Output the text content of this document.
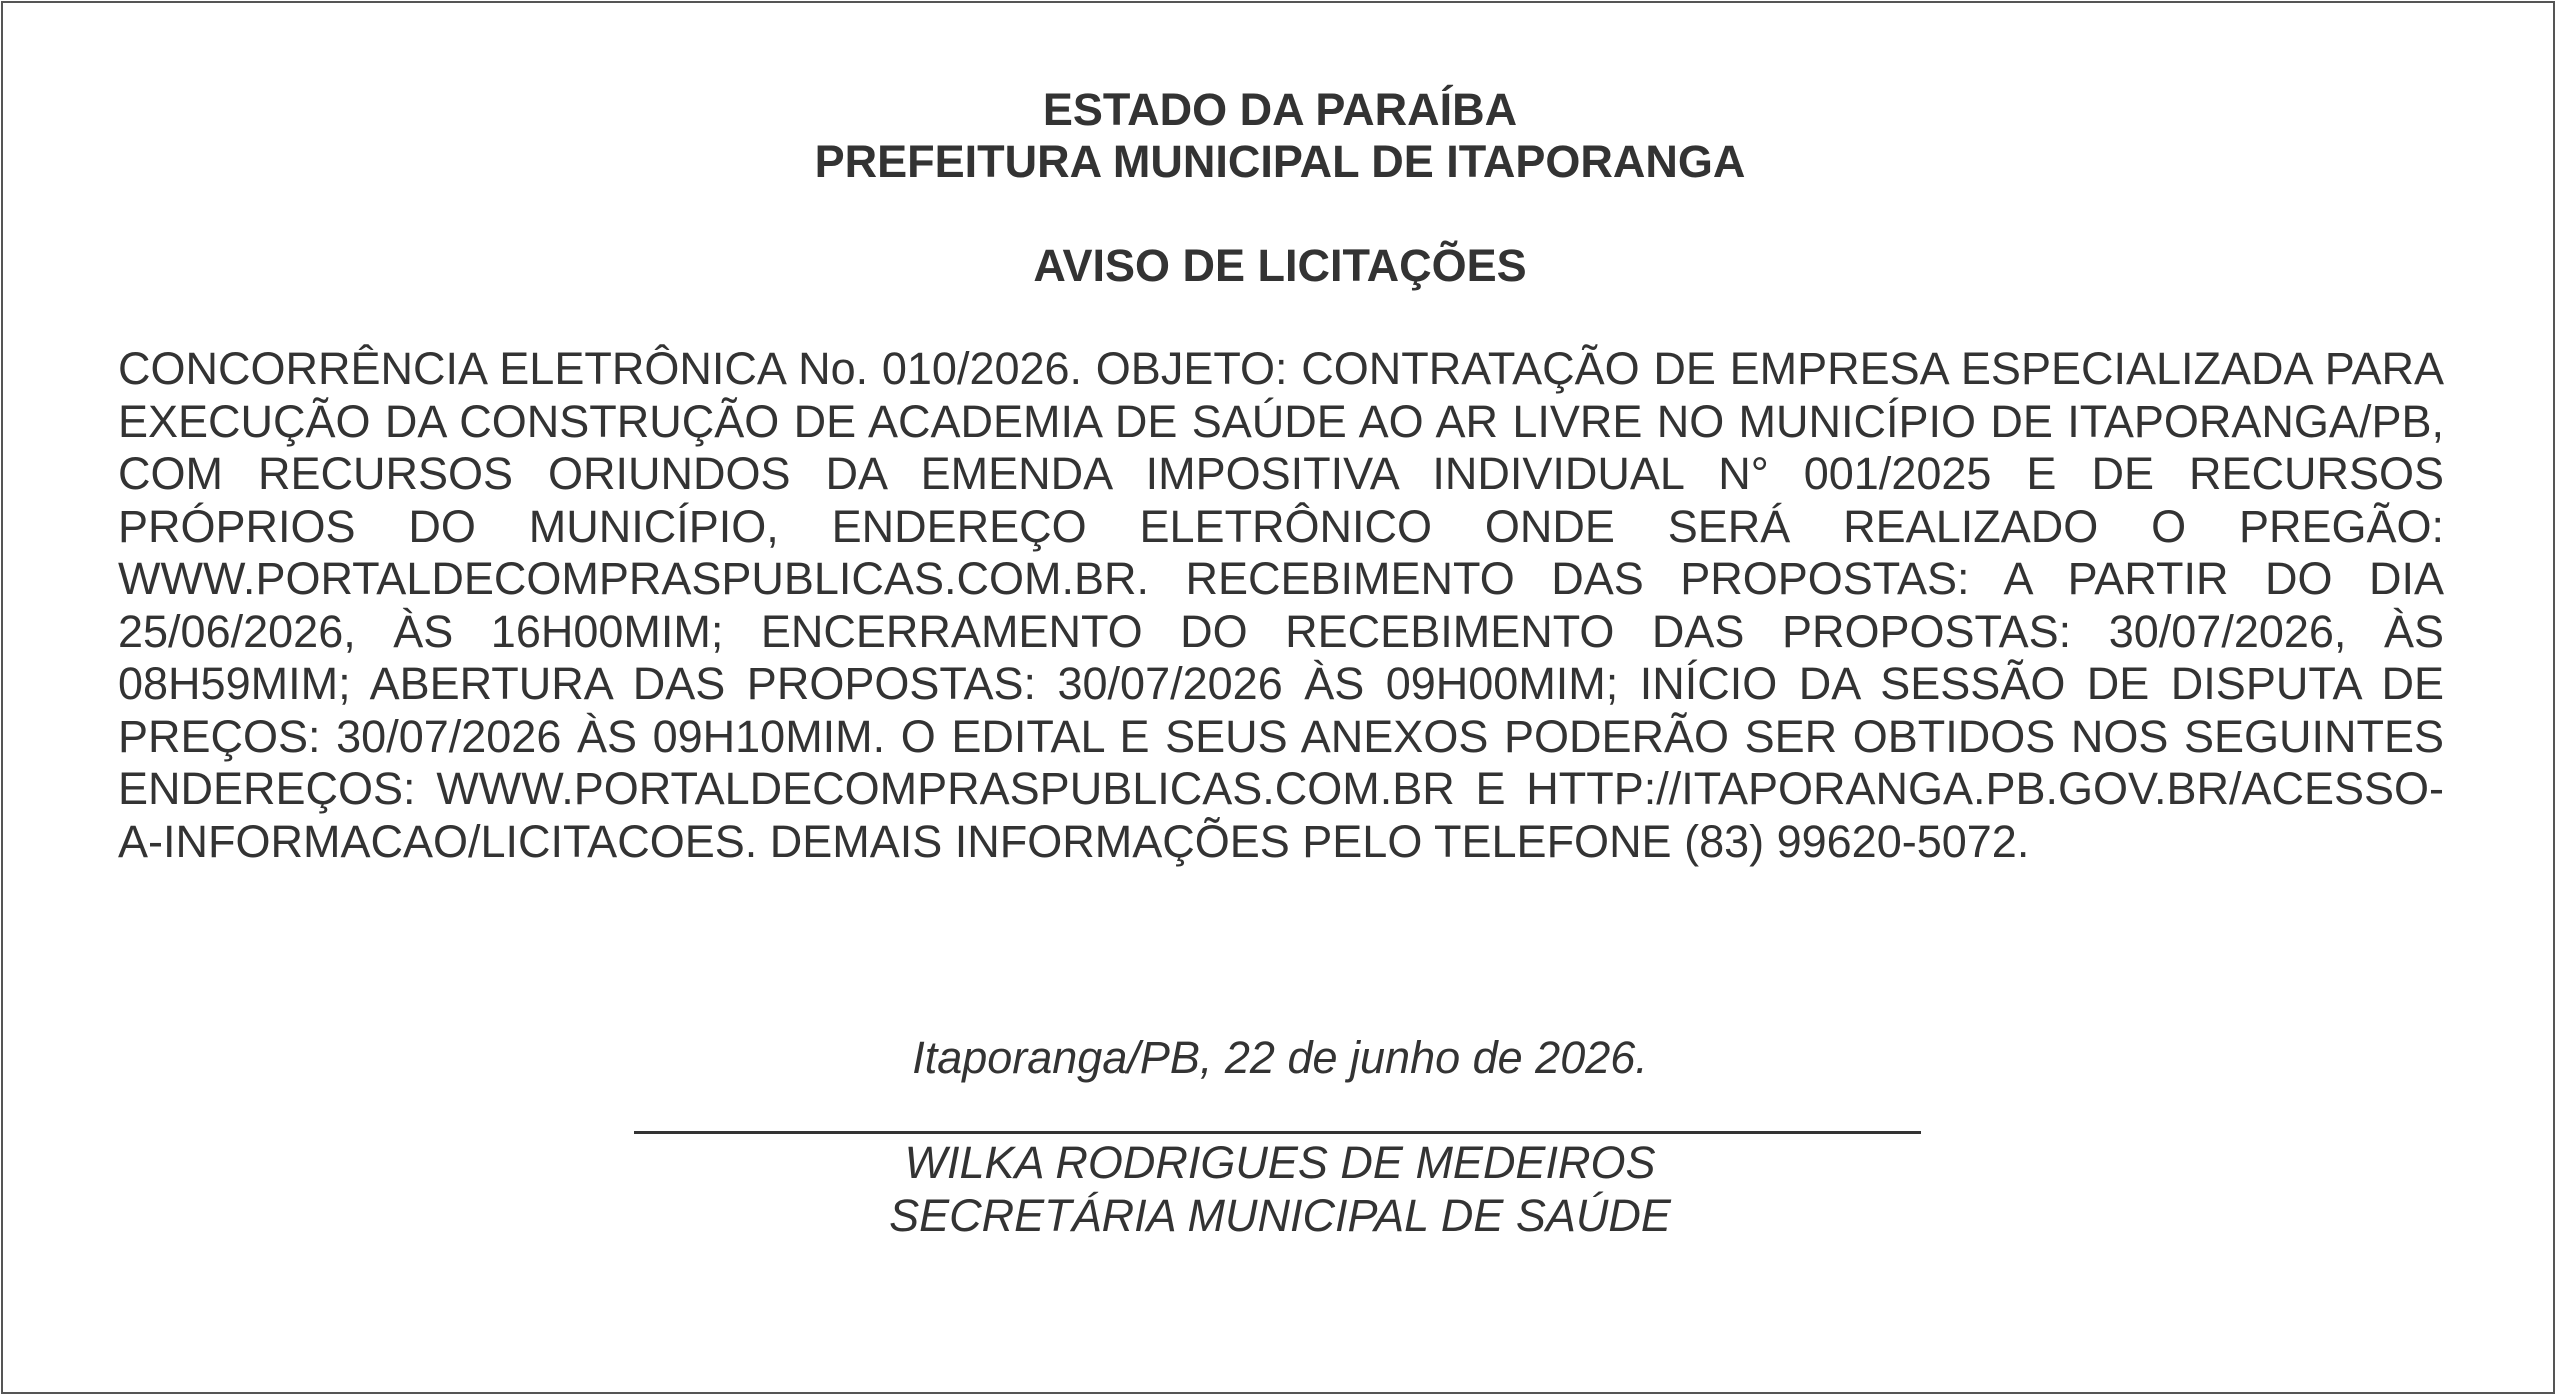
ESTADO DA PARAÍBA
PREFEITURA MUNICIPAL DE ITAPORANGA
AVISO DE LICITAÇÕES
CONCORRÊNCIA ELETRÔNICA No. 010/2026. OBJETO: CONTRATAÇÃO DE EMPRESA ESPECIALIZADA PARA EXECUÇÃO DA CONSTRUÇÃO DE ACADEMIA DE SAÚDE AO AR LIVRE NO MUNICÍPIO DE ITAPORANGA/PB, COM RECURSOS ORIUNDOS DA EMENDA IMPOSITIVA INDIVIDUAL N° 001/2025 E DE RECURSOS PRÓPRIOS DO MUNICÍPIO, ENDEREÇO ELETRÔNICO ONDE SERÁ REALIZADO O PREGÃO: WWW.PORTALDECOMPRASPUBLICAS.COM.BR. RECEBIMENTO DAS PROPOSTAS: A PARTIR DO DIA 25/06/2026, ÀS 16H00MIM; ENCERRAMENTO DO RECEBIMENTO DAS PROPOSTAS: 30/07/2026, ÀS 08H59MIM; ABERTURA DAS PROPOSTAS: 30/07/2026 ÀS 09H00MIM; INÍCIO DA SESSÃO DE DISPUTA DE PREÇOS: 30/07/2026 ÀS 09H10MIM. O EDITAL E SEUS ANEXOS PODERÃO SER OBTIDOS NOS SEGUINTES ENDEREÇOS: WWW.PORTALDECOMPRASPUBLICAS.COM.BR E HTTP://ITAPORANGA.PB.GOV.BR/ACESSO-A-INFORMACAO/LICITACOES. DEMAIS INFORMAÇÕES PELO TELEFONE (83) 99620-5072.
Itaporanga/PB, 22 de junho de 2026.
WILKA RODRIGUES DE MEDEIROS
SECRETÁRIA MUNICIPAL DE SAÚDE
